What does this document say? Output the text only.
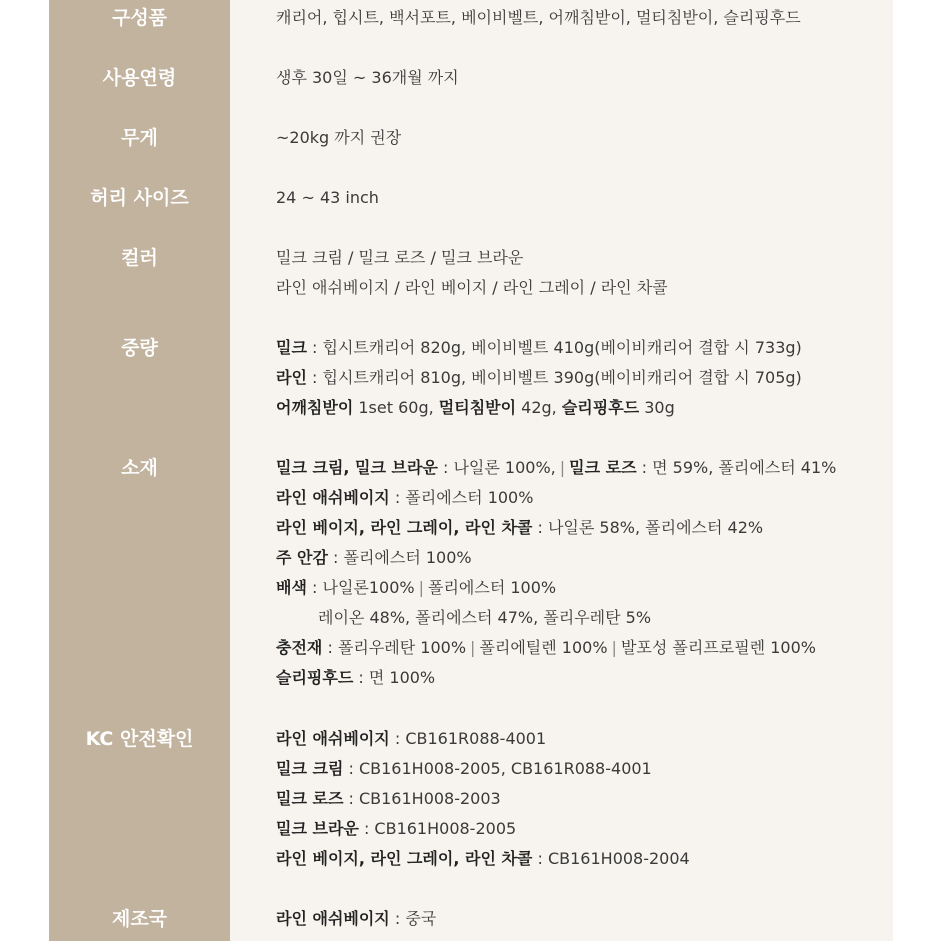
구성품
사용연령
무게
허리 사이즈
컬러
중량
소재
KC 안전확인
제조국
캐리어, 힙시트, 백서포트, 베이비벨트, 어깨침받이, 멀티침받이, 슬리핑후드
생후 30일 ~ 36개월 까지
~20kg 까지 권장
24 ~ 43 inch
밀크 크림 / 밀크 로즈 / 밀크 브라운
라인 애쉬베이지 / 라인 베이지 / 라인 그레이 / 라인 차콜
밀크 : 힙시트캐리어 820g, 베이비벨트 410g(베이비캐리어 결합 시 733g)
라인 : 힙시트캐리어 810g, 베이비벨트 390g(베이비캐리어 결합 시 705g)
어깨침받이 1set 60g, 멀티침받이 42g, 슬리핑후드 30g
밀크 크림, 밀크 브라운 : 나일론 100%, | 밀크 로즈 : 면 59%, 폴리에스터 41%
라인 애쉬베이지 : 폴리에스터 100%
라인 베이지, 라인 그레이, 라인 차콜 : 나일론 58%, 폴리에스터 42%
주 안감 : 폴리에스터 100%
배색 : 나일론100% | 폴리에스터 100%
레이온 48%, 폴리에스터 47%, 폴리우레탄 5%
충전재 : 폴리우레탄 100% | 폴리에틸렌 100% | 발포성 폴리프로필렌 100%
슬리핑후드 : 면 100%
라인 애쉬베이지 : CB161R088-4001
밀크 크림 : CB161H008-2005, CB161R088-4001
밀크 로즈 : CB161H008-2003
밀크 브라운 : CB161H008-2005
라인 베이지, 라인 그레이, 라인 차콜 : CB161H008-2004
라인 애쉬베이지 : 중국
